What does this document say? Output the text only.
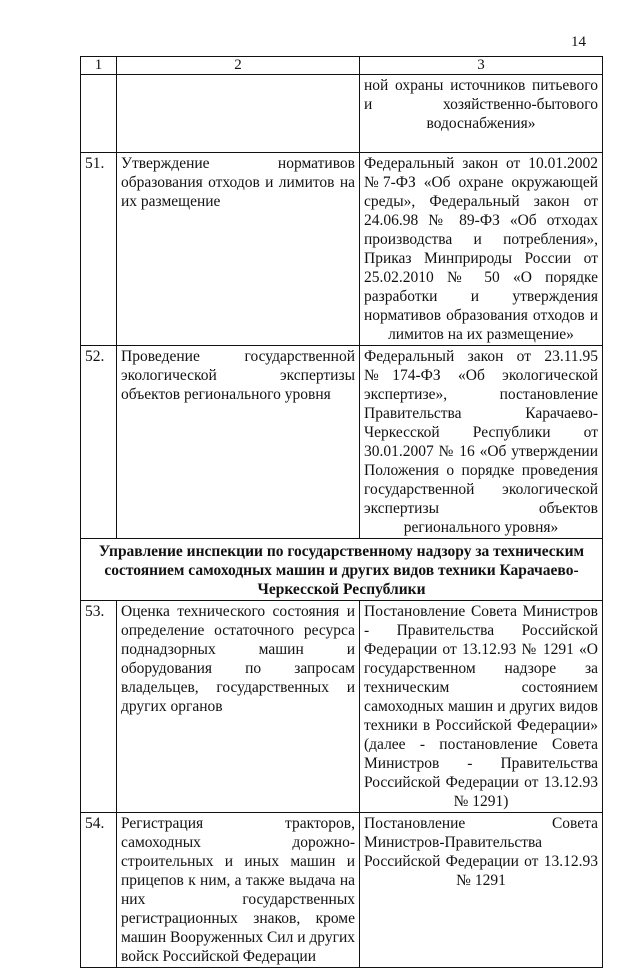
14
1	2	3
		ной охраны источников питьевого и хозяйственно-бытового водоснабжения»
51.	Утверждение нормативов образования отходов и лимитов на их размещение	Федеральный закон от 10.01.2002 №7-ФЗ «Об охране окружающей среды», Федеральный закон от 24.06.98 № 89-ФЗ «Об отходах производства и потребления», Приказ Минприроды России от 25.02.2010 № 50 «О порядке разработки и утверждения нормативов образования отходов и лимитов на их размещение»
52.	Проведение государственной экологической экспертизы объектов регионального уровня	Федеральный закон от 23.11.95 №174-ФЗ «Об экологической экспертизе», постановление Правительства Карачаево-Черкесской Республики от 30.01.2007 № 16 «Об утверждении Положения о порядке проведения государственной экологической экспертизы объектов регионального уровня»
Управление инспекции по государственному надзору за техническим состоянием самоходных машин и других видов техники Карачаево-Черкесской Республики		
53.	Оценка технического состояния и определение остаточного ресурса поднадзорных машин и оборудования по запросам владельцев, государственных и других органов	Постановление Совета Министров - Правительства Российской Федерации от 13.12.93 № 1291 «О государственном надзоре за техническим состоянием самоходных машин и других видов техники в Российской Федерации» (далее - постановление Совета Министров - Правительства Российской Федерации от 13.12.93 № 1291)
54.	Регистрация тракторов, самоходных дорожно-строительных и иных машин и прицепов к ним, а также выдача на них государственных регистрационных знаков, кроме машин Вооруженных Сил и других войск Российской Федерации	Постановление Совета Министров-Правительства Российской Федерации от 13.12.93 № 1291
